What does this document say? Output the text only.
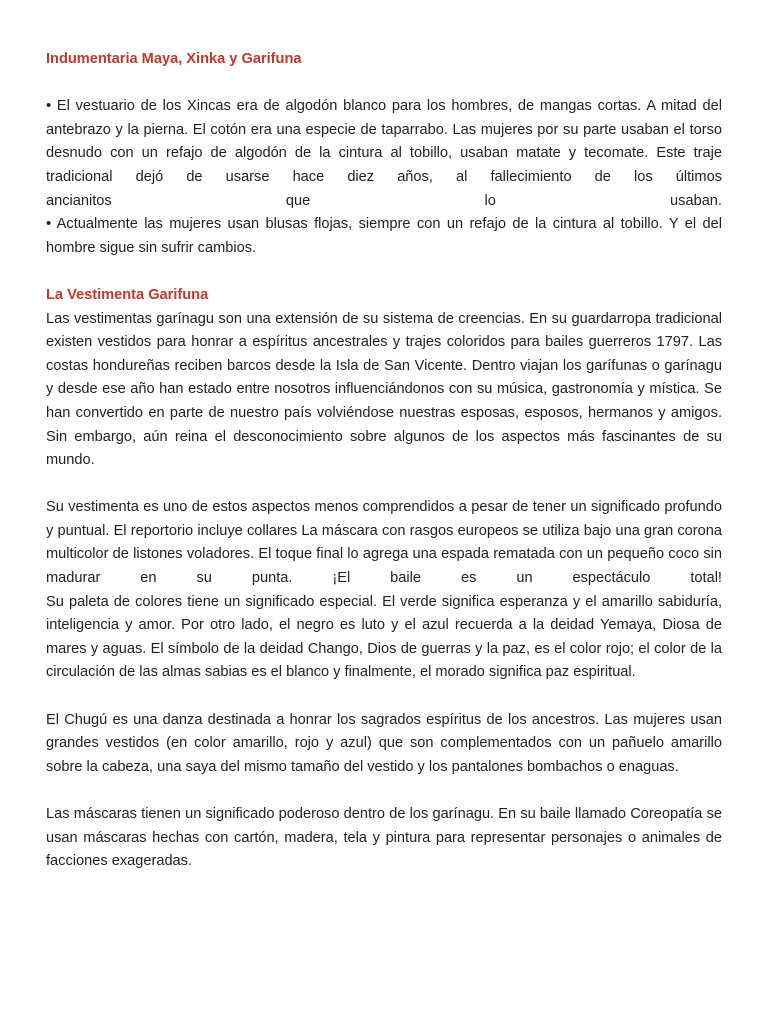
Indumentaria Maya, Xinka y Garifuna

• El vestuario de los Xincas era de algodón blanco para los hombres, de mangas cortas. A mitad del antebrazo y la pierna. El cotón era una especie de taparrabo. Las mujeres por su parte usaban el torso desnudo con un refajo de algodón de la cintura al tobillo, usaban matate y tecomate. Este traje tradicional dejó de usarse hace diez años, al fallecimiento de los últimos

ancianitos	que	lo	usaban.

• Actualmente las mujeres usan blusas flojas, siempre con un refajo de la cintura al tobillo. Y el del hombre sigue sin sufrir cambios.

La Vestimenta Garifuna

Las vestimentas garínagu son una extensión de su sistema de creencias. En su guardarropa tradicional existen vestidos para honrar a espíritus ancestrales y trajes coloridos para bailes guerreros 1797. Las costas hondureñas reciben barcos desde la Isla de San Vicente. Dentro viajan los garífunas o garínagu y desde ese año han estado entre nosotros influenciándonos con su música, gastronomía y mística. Se han convertido en parte de nuestro país volviéndose nuestras esposas, esposos, hermanos y amigos. Sin embargo, aún reina el desconocimiento sobre algunos de los aspectos más fascinantes de su mundo.

Su vestimenta es uno de estos aspectos menos comprendidos a pesar de tener un significado profundo y puntual. El reportorio incluye collares La máscara con rasgos europeos se utiliza bajo una gran corona multicolor de listones voladores. El toque final lo agrega una espada rematada con un pequeño coco sin madurar en su punta. ¡El baile es un espectáculo total!

Su paleta de colores tiene un significado especial. El verde significa esperanza y el amarillo sabiduría, inteligencia y amor. Por otro lado, el negro es luto y el azul recuerda a la deidad Yemaya, Diosa de mares y aguas. El símbolo de la deidad Chango, Dios de guerras y la paz, es el color rojo; el color de la circulación de las almas sabias es el blanco y finalmente, el morado significa paz espiritual.

El Chugú es una danza destinada a honrar los sagrados espíritus de los ancestros. Las mujeres usan grandes vestidos (en color amarillo, rojo y azul) que son complementados con un pañuelo amarillo sobre la cabeza, una saya del mismo tamaño del vestido y los pantalones bombachos o enaguas.

Las máscaras tienen un significado poderoso dentro de los garínagu. En su baile llamado Coreopatía se usan máscaras hechas con cartón, madera, tela y pintura para representar personajes o animales de facciones exageradas.
